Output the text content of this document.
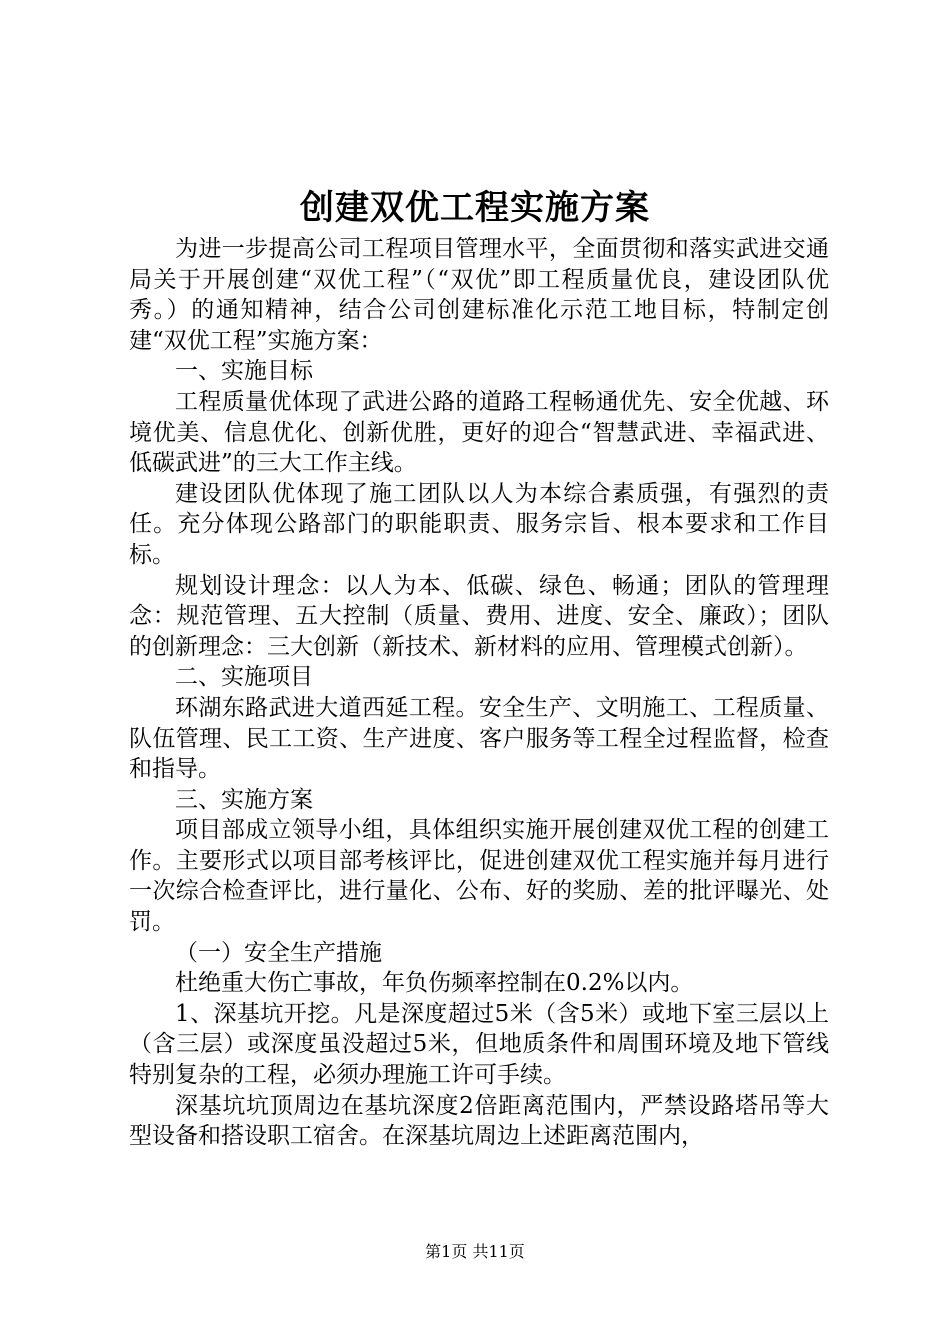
创建双优工程实施方案

为进一步提高公司工程项目管理水平，全面贯彻和落实武进交通局关于开展创建“双优工程”（“双优”即工程质量优良，建设团队优秀。）的通知精神，结合公司创建标准化示范工地目标，特制定创建“双优工程”实施方案：

一、实施目标

工程质量优体现了武进公路的道路工程畅通优先、安全优越、环境优美、信息优化、创新优胜，更好的迎合“智慧武进、幸福武进、低碳武进”的三大工作主线。

建设团队优体现了施工团队以人为本综合素质强，有强烈的责任。充分体现公路部门的职能职责、服务宗旨、根本要求和工作目标。

规划设计理念：以人为本、低碳、绿色、畅通；团队的管理理念：规范管理、五大控制（质量、费用、进度、安全、廉政）；团队的创新理念：三大创新（新技术、新材料的应用、管理模式创新）。

二、实施项目

环湖东路武进大道西延工程。安全生产、文明施工、工程质量、队伍管理、民工工资、生产进度、客户服务等工程全过程监督，检查和指导。

三、实施方案

项目部成立领导小组，具体组织实施开展创建双优工程的创建工作。主要形式以项目部考核评比，促进创建双优工程实施并每月进行一次综合检查评比，进行量化、公布、好的奖励、差的批评曝光、处罚。

（一）安全生产措施

杜绝重大伤亡事故，年负伤频率控制在0.2%以内。

1、深基坑开挖。凡是深度超过5米（含5米）或地下室三层以上（含三层）或深度虽没超过5米，但地质条件和周围环境及地下管线特别复杂的工程，必须办理施工许可手续。

深基坑坑顶周边在基坑深度2倍距离范围内，严禁设路塔吊等大型设备和搭设职工宿舍。在深基坑周边上述距离范围内，

第1页 共11页
